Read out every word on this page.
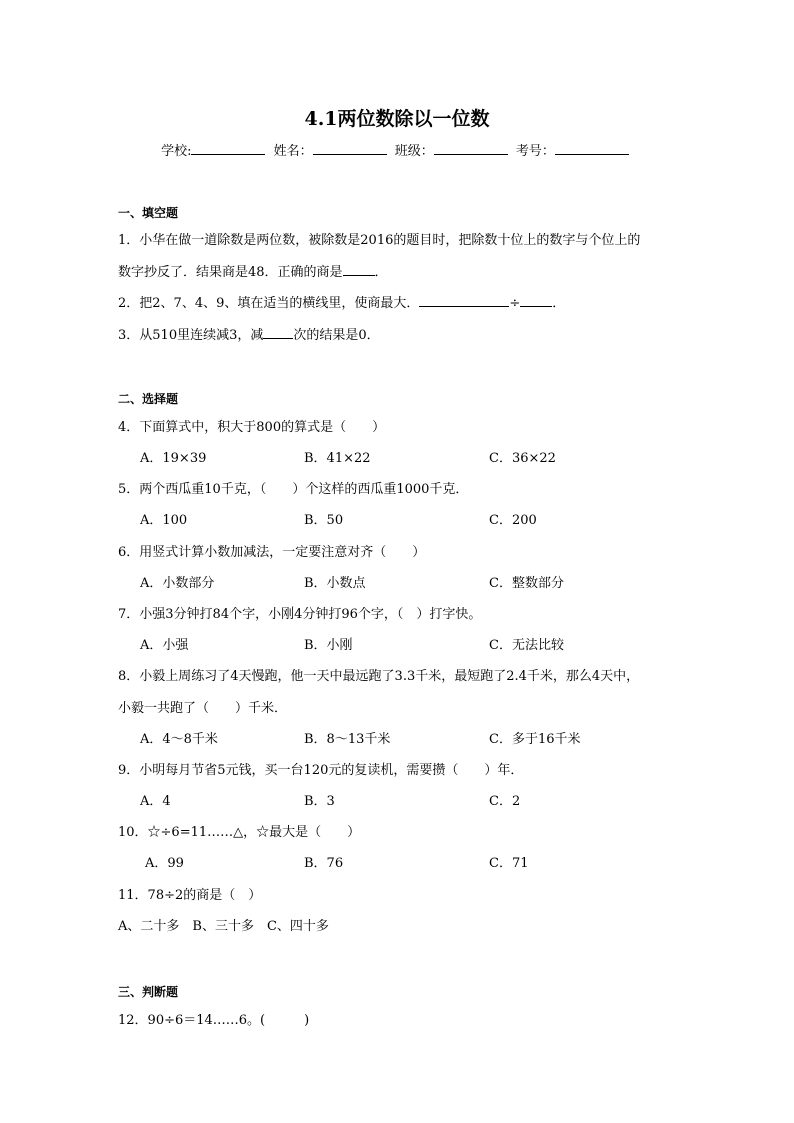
4.1两位数除以一位数
学校:	姓名：	班级：	考号：
一、填空题
1．小华在做一道除数是两位数，被除数是2016的题目时，把除数十位上的数字与个位上的
数字抄反了．结果商是48．正确的商是 ．
2．把2、7、4、9、填在适当的横线里，使商最大．	÷ ．
3．从510里连续减3，减 次的结果是0．
二、选择题
4．下面算式中，积大于800的算式是（　　）
A．19×39	B．41×22	C．36×22
5．两个西瓜重10千克，（　　）个这样的西瓜重1000千克．
A．100	B．50	C．200
6．用竖式计算小数加减法，一定要注意对齐（　　）
A．小数部分	B．小数点	C．整数部分
7．小强3分钟打84个字，小刚4分钟打96个字，（　）打字快。
A．小强	B．小刚	C．无法比较
8．小毅上周练习了4天慢跑，他一天中最远跑了3.3千米，最短跑了2.4千米，那么4天中，
小毅一共跑了（　　）千米．
A．4～8千米	B．8～13千米	C．多于16千米
9．小明每月节省5元钱，买一台120元的复读机，需要攒（　　）年．
A．4	B．3	C．2
10．☆÷6=11……△，☆最大是（　　）
A．99	B．76	C．71
11．78÷2的商是（　）
A、二十多　B、三十多　C、四十多
三、判断题
12．90÷6＝14……6。(　　　)
